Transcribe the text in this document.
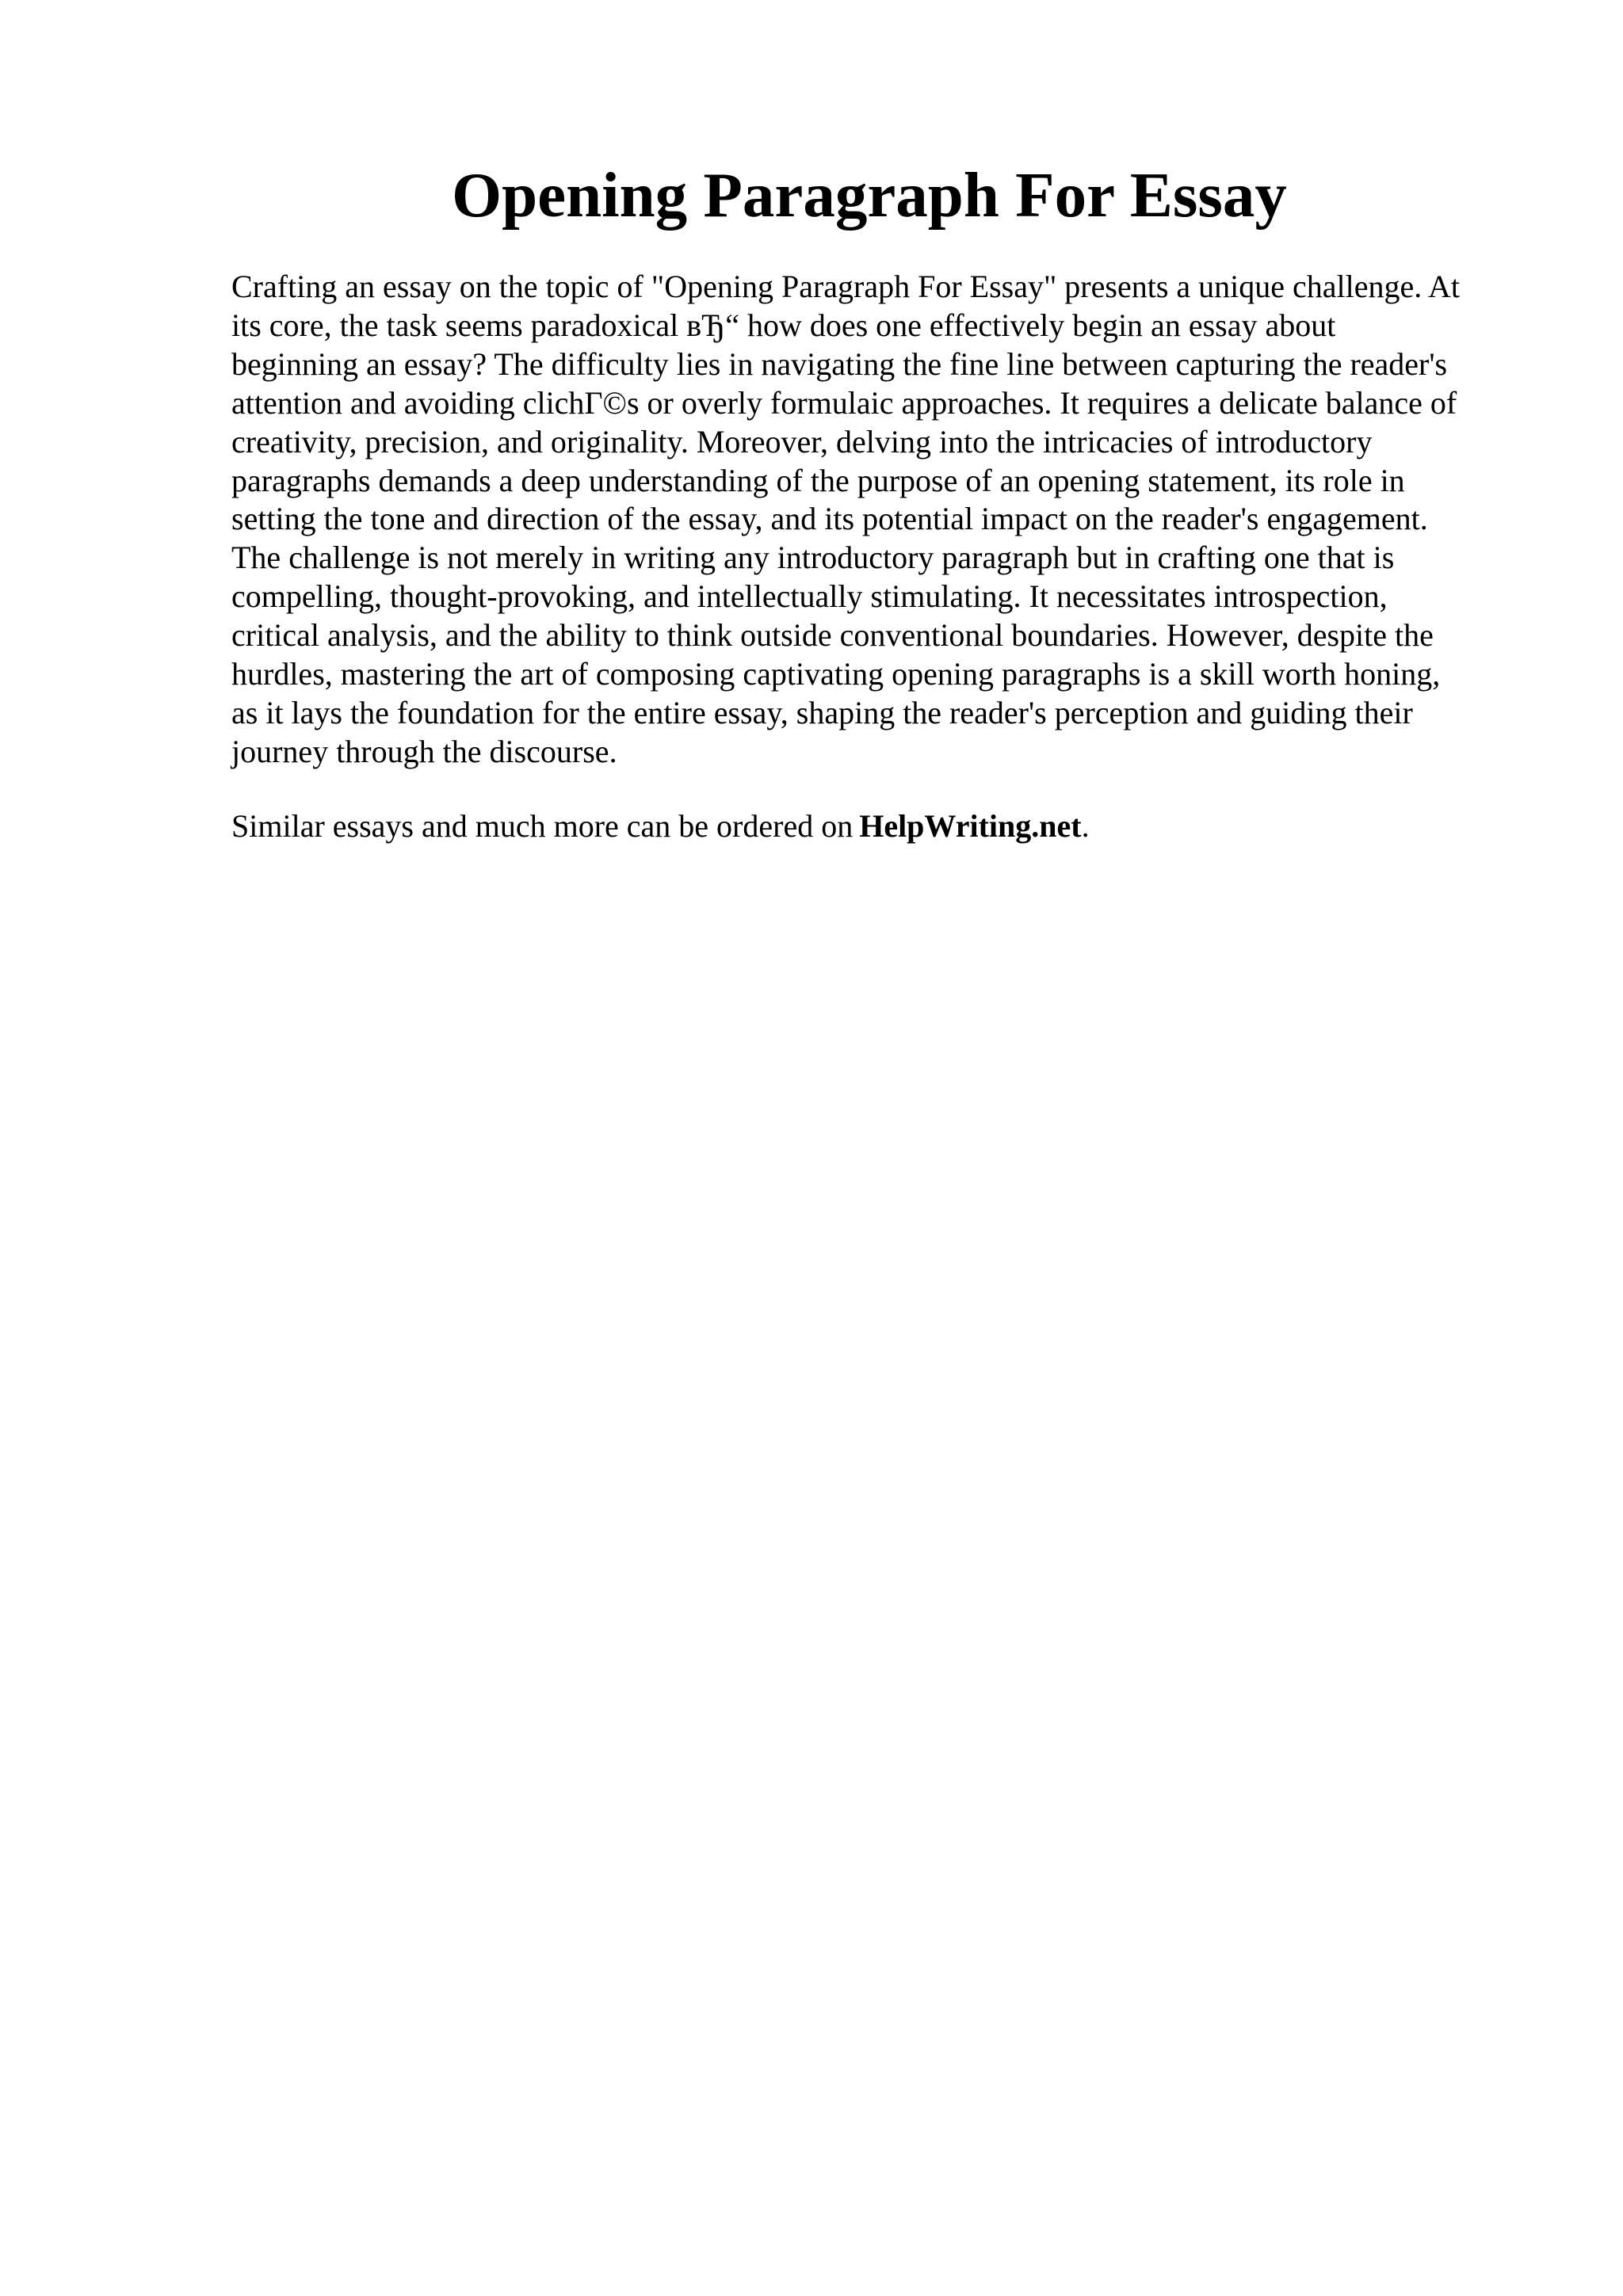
Opening Paragraph For Essay

Crafting an essay on the topic of "Opening Paragraph For Essay" presents a unique challenge. At
its core, the task seems paradoxical вЂ“ how does one effectively begin an essay about
beginning an essay? The difficulty lies in navigating the fine line between capturing the reader's
attention and avoiding clichГ©s or overly formulaic approaches. It requires a delicate balance of
creativity, precision, and originality. Moreover, delving into the intricacies of introductory
paragraphs demands a deep understanding of the purpose of an opening statement, its role in
setting the tone and direction of the essay, and its potential impact on the reader's engagement.
The challenge is not merely in writing any introductory paragraph but in crafting one that is
compelling, thought-provoking, and intellectually stimulating. It necessitates introspection,
critical analysis, and the ability to think outside conventional boundaries. However, despite the
hurdles, mastering the art of composing captivating opening paragraphs is a skill worth honing,
as it lays the foundation for the entire essay, shaping the reader's perception and guiding their
journey through the discourse.

Similar essays and much more can be ordered on HelpWriting.net.
